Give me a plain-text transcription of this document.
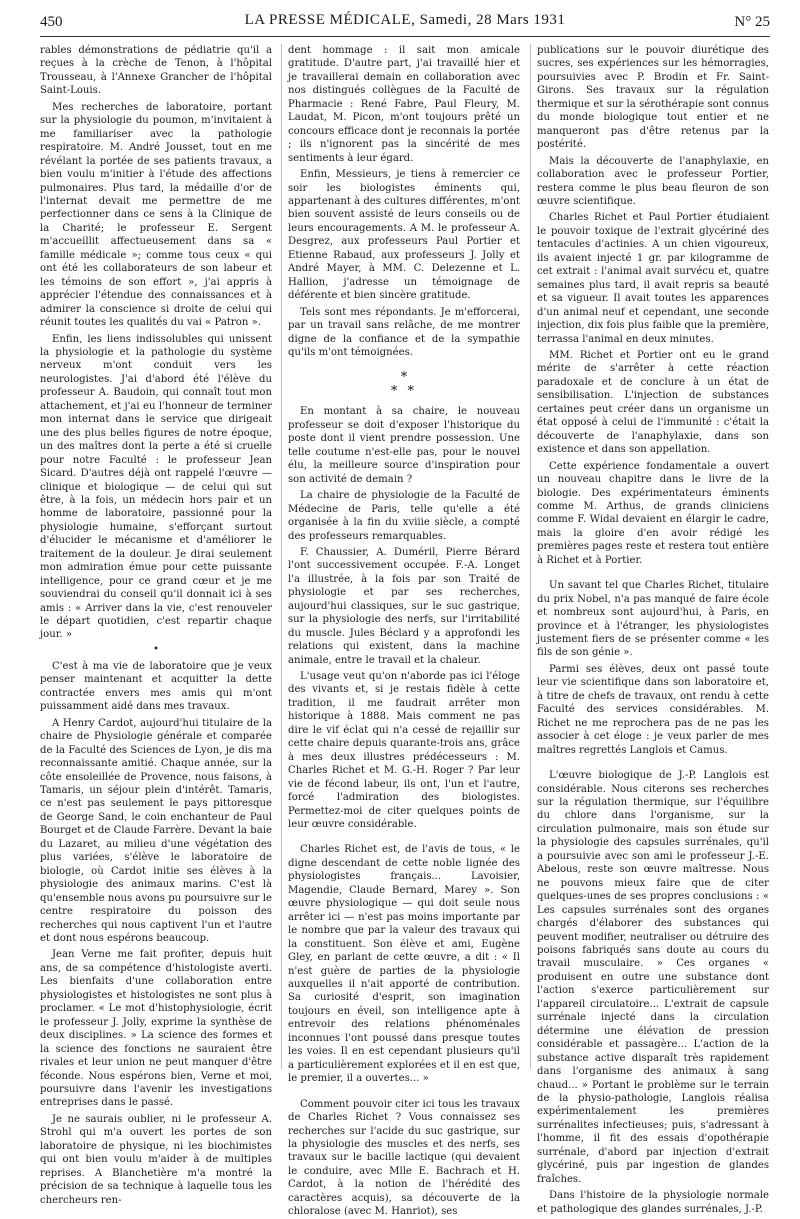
450	LA PRESSE MÉDICALE, Samedi, 28 Mars 1931	N° 25

rables démonstrations de pédiatrie qu'il a reçues à la crèche de Tenon, à l'hôpital Trousseau, à l'Annexe Grancher de l'hôpital Saint-Louis.

Mes recherches de laboratoire, portant sur la physiologie du poumon, m'invitaient à me familiariser avec la pathologie respiratoire. M. André Jousset, tout en me révélant la portée de ses patients travaux, a bien voulu m'initier à l'étude des affections pulmonaires. Plus tard, la médaille d'or de l'internat devait me permettre de me perfectionner dans ce sens à la Clinique de la Charité; le professeur E. Sergent m'accueillit affectueusement dans sa « famille médicale »; comme tous ceux « qui ont été les collaborateurs de son labeur et les témoins de son effort », j'ai appris à apprécier l'étendue des connaissances et à admirer la conscience si droite de celui qui réunit toutes les qualités du vai « Patron ».

Enfin, les liens indissolubles qui unissent la physiologie et la pathologie du système nerveux m'ont conduit vers les neurologistes. J'ai d'abord été l'élève du professeur A. Baudoin, qui connaît tout mon attachement, et j'ai eu l'honneur de terminer mon internat dans le service que dirigeait une des plus belles figures de notre époque, un des maîtres dont la perte a été si cruelle pour notre Faculté : le professeur Jean Sicard. D'autres déjà ont rappelé l'œuvre — clinique et biologique — de celui qui sut être, à la fois, un médecin hors pair et un homme de laboratoire, passionné pour la physiologie humaine, s'efforçant surtout d'élucider le mécanisme et d'améliorer le traitement de la douleur. Je dirai seulement mon admiration émue pour cette puissante intelligence, pour ce grand cœur et je me souviendrai du conseil qu'il donnait ici à ses amis : « Arriver dans la vie, c'est renouveler le départ quotidien, c'est repartir chaque jour. »

•

C'est à ma vie de laboratoire que je veux penser maintenant et acquitter la dette contractée envers mes amis qui m'ont puissamment aidé dans mes travaux.

A Henry Cardot, aujourd'hui titulaire de la chaire de Physiologie générale et comparée de la Faculté des Sciences de Lyon, je dis ma reconnaissante amitié. Chaque année, sur la côte ensoleillée de Provence, nous faisons, à Tamaris, un séjour plein d'intérêt. Tamaris, ce n'est pas seulement le pays pittoresque de George Sand, le coin enchanteur de Paul Bourget et de Claude Farrère. Devant la baie du Lazaret, au milieu d'une végétation des plus variées, s'élève le laboratoire de biologie, où Cardot initie ses élèves à la physiologie des animaux marins. C'est là qu'ensemble nous avons pu poursuivre sur le centre respiratoire du poisson des recherches qui nous captivent l'un et l'autre et dont nous espérons beaucoup.

Jean Verne me fait profiter, depuis huit ans, de sa compétence d'histologiste averti. Les bienfaits d'une collaboration entre physiologistes et histologistes ne sont plus à proclamer. « Le mot d'histophysiologie, écrit le professeur J. Jolly, exprime la synthèse de deux disciplines. » La science des formes et la science des fonctions ne sauraient être rivales et leur union ne peut manquer d'être féconde. Nous espérons bien, Verne et moi, poursuivre dans l'avenir les investigations entreprises dans le passé.

Je ne saurais oublier, ni le professeur A. Strohl qui m'a ouvert les portes de son laboratoire de physique, ni les biochimistes qui ont bien voulu m'aider à de multiples reprises. A Blanchetière m'a montré la précision de sa technique à laquelle tous les chercheurs ren-

dent hommage : il sait mon amicale gratitude. D'autre part, j'ai travaillé hier et je travaillerai demain en collaboration avec nos distingués collègues de la Faculté de Pharmacie : René Fabre, Paul Fleury, M. Laudat, M. Picon, m'ont toujours prêté un concours efficace dont je reconnais la portée ; ils n'ignorent pas la sincérité de mes sentiments à leur égard.

Enfin, Messieurs, je tiens à remercier ce soir les biologistes éminents qui, appartenant à des cultures différentes, m'ont bien souvent assisté de leurs conseils ou de leurs encouragements. A M. le professeur A. Desgrez, aux professeurs Paul Portier et Etienne Rabaud, aux professeurs J. Jolly et André Mayer, à MM. C. Delezenne et L. Hallion, j'adresse un témoignage de déférente et bien sincère gratitude.

Tels sont mes répondants. Je m'efforcerai, par un travail sans relâche, de me montrer digne de la confiance et de la sympathie qu'ils m'ont témoignées.

*
* *

En montant à sa chaire, le nouveau professeur se doit d'exposer l'historique du poste dont il vient prendre possession. Une telle coutume n'est-elle pas, pour le nouvel élu, la meilleure source d'inspiration pour son activité de demain ?

La chaire de physiologie de la Faculté de Médecine de Paris, telle qu'elle a été organisée à la fin du xviiie siècle, a compté des professeurs remarquables.

F. Chaussier, A. Duméril, Pierre Bérard l'ont successivement occupée. F.-A. Longet l'a illustrée, à la fois par son Traité de physiologie et par ses recherches, aujourd'hui classiques, sur le suc gastrique, sur la physiologie des nerfs, sur l'irritabilité du muscle. Jules Béclard y a approfondi les relations qui existent, dans la machine animale, entre le travail et la chaleur.

L'usage veut qu'on n'aborde pas ici l'éloge des vivants et, si je restais fidèle à cette tradition, il me faudrait arrêter mon historique à 1888. Mais comment ne pas dire le vif éclat qui n'a cessé de rejaillir sur cette chaire depuis quarante-trois ans, grâce à mes deux illustres prédécesseurs : M. Charles Richet et M. G.-H. Roger ? Par leur vie de fécond labeur, ils ont, l'un et l'autre, forcé l'admiration des biologistes. Permettez-moi de citer quelques points de leur œuvre considérable.

Charles Richet est, de l'avis de tous, « le digne descendant de cette noble lignée des physiologistes français... Lavoisier, Magendie, Claude Bernard, Marey ». Son œuvre physiologique — qui doit seule nous arrêter ici — n'est pas moins importante par le nombre que par la valeur des travaux qui la constituent. Son élève et ami, Eugène Gley, en parlant de cette œuvre, a dit : « Il n'est guère de parties de la physiologie auxquelles il n'ait apporté de contribution. Sa curiosité d'esprit, son imagination toujours en éveil, son intelligence apte à entrevoir des relations phénoménales inconnues l'ont poussé dans presque toutes les voies. Il en est cependant plusieurs qu'il a particulièrement explorées et il en est que, le premier, il a ouvertes... »

Comment pouvoir citer ici tous les travaux de Charles Richet ? Vous connaissez ses recherches sur l'acide du suc gastrique, sur la physiologie des muscles et des nerfs, ses travaux sur le bacille lactique (qui devaient le conduire, avec Mlle E. Bachrach et H. Cardot, à la notion de l'hérédité des caractères acquis), sa découverte de la chloralose (avec M. Hanriot), ses

publications sur le pouvoir diurétique des sucres, ses expériences sur les hémorragies, poursuivies avec P. Brodin et Fr. Saint-Girons. Ses travaux sur la régulation thermique et sur la sérothérapie sont connus du monde biologique tout entier et ne manqueront pas d'être retenus par la postérité.

Mais la découverte de l'anaphylaxie, en collaboration avec le professeur Portier, restera comme le plus beau fleuron de son œuvre scientifique.

Charles Richet et Paul Portier étudiaient le pouvoir toxique de l'extrait glycériné des tentacules d'actinies. A un chien vigoureux, ils avaient injecté 1 gr. par kilogramme de cet extrait : l'animal avait survécu et, quatre semaines plus tard, il avait repris sa beauté et sa vigueur. Il avait toutes les apparences d'un animal neuf et cependant, une seconde injection, dix fois plus faible que la première, terrassa l'animal en deux minutes.

MM. Richet et Portier ont eu le grand mérite de s'arrêter à cette réaction paradoxale et de conclure à un état de sensibilisation. L'injection de substances certaines peut créer dans un organisme un état opposé à celui de l'immunité : c'était la découverte de l'anaphylaxie, dans son existence et dans son appellation.

Cette expérience fondamentale a ouvert un nouveau chapitre dans le livre de la biologie. Des expérimentateurs éminents comme M. Arthus, de grands cliniciens comme F. Widal devaient en élargir le cadre, mais la gloire d'en avoir rédigé les premières pages reste et restera tout entière à Richet et à Portier.

Un savant tel que Charles Richet, titulaire du prix Nobel, n'a pas manqué de faire école et nombreux sont aujourd'hui, à Paris, en province et à l'étranger, les physiologistes justement fiers de se présenter comme « les fils de son génie ».

Parmi ses élèves, deux ont passé toute leur vie scientifique dans son laboratoire et, à titre de chefs de travaux, ont rendu à cette Faculté des services considérables. M. Richet ne me reprochera pas de ne pas les associer à cet éloge : je veux parler de mes maîtres regrettés Langlois et Camus.

L'œuvre biologique de J.-P. Langlois est considérable. Nous citerons ses recherches sur la régulation thermique, sur l'équilibre du chlore dans l'organisme, sur la circulation pulmonaire, mais son étude sur la physiologie des capsules surrénales, qu'il a poursuivie avec son ami le professeur J.-E. Abelous, reste son œuvre maîtresse. Nous ne pouvons mieux faire que de citer quelques-unes de ses propres conclusions : « Les capsules surrénales sont des organes chargés d'élaborer des substances qui peuvent modifier, neutraliser ou détruire des poisons fabriqués sans doute au cours du travail musculaire. » Ces organes « produisent en outre une substance dont l'action s'exerce particulièrement sur l'appareil circulatoire... L'extrait de capsule surrénale injecté dans la circulation détermine une élévation de pression considérable et passagère... L'action de la substance active disparaît très rapidement dans l'organisme des animaux à sang chaud... » Portant le problème sur le terrain de la physio-pathologie, Langlois réalisa expérimentalement les premières surrénalites infectieuses; puis, s'adressant à l'homme, il fit des essais d'opothérapie surrénale, d'abord par injection d'extrait glycériné, puis par ingestion de glandes fraîches.

Dans l'histoire de la physiologie normale et pathologique des glandes surrénales, J.-P.
